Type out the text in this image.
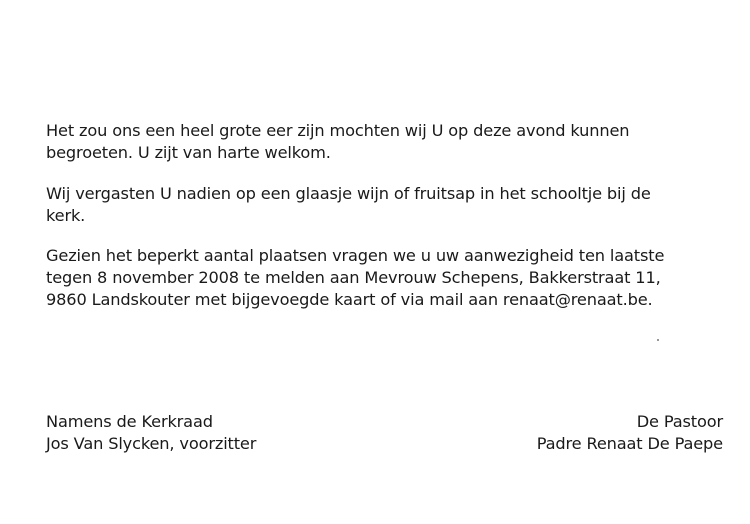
Het zou ons een heel grote eer zijn mochten wij U op deze avond kunnen
begroeten. U zijt van harte welkom.

Wij vergasten U nadien op een glaasje wijn of fruitsap in het schooltje bij de
kerk.

Gezien het beperkt aantal plaatsen vragen we u uw aanwezigheid ten laatste
tegen 8 november 2008 te melden aan Mevrouw Schepens, Bakkerstraat 11,
9860 Landskouter met bijgevoegde kaart of via mail aan renaat@renaat.be.

Namens de Kerkraad
Jos Van Slycken, voorzitter
De Pastoor
Padre Renaat De Paepe
